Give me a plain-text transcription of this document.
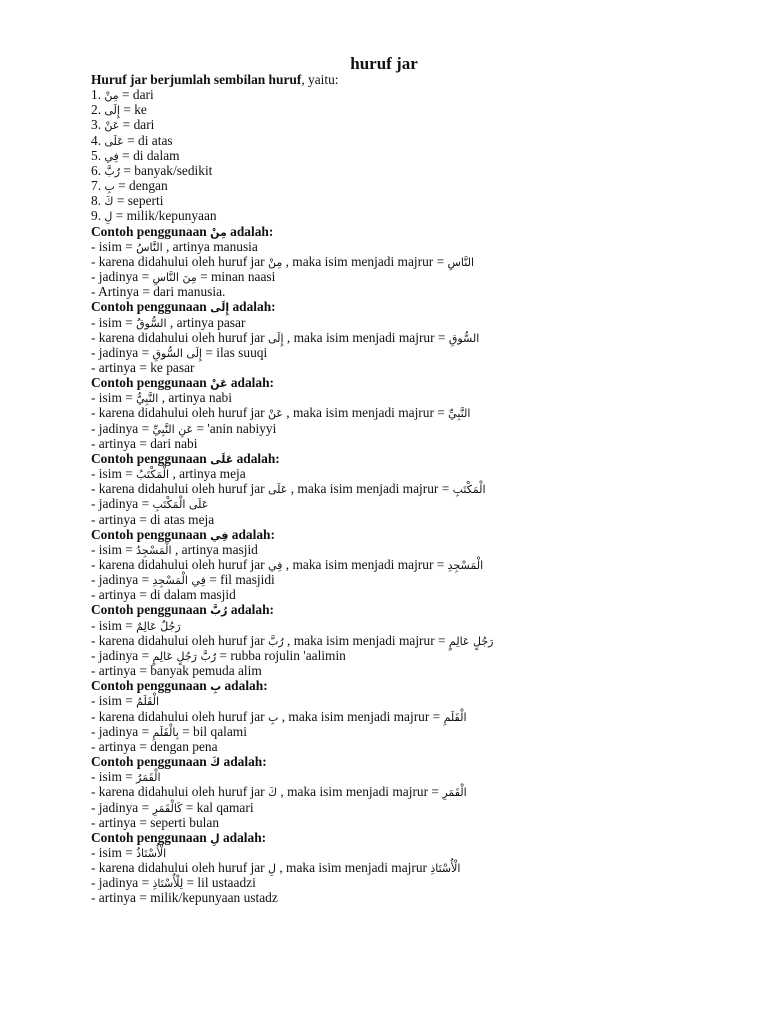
huruf jar
Huruf jar berjumlah sembilan huruf, yaitu:
1. مِنْ = dari
2. إِلَى = ke
3. عَنْ = dari
4. عَلَى = di atas
5. فِي = di dalam
6. رُبَّ = banyak/sedikit
7. بِ = dengan
8. كَ = seperti
9. لِ = milik/kepunyaan
Contoh penggunaan مِنْ adalah:
- isim = النَّاسُ , artinya manusia
- karena didahului oleh huruf jar مِنْ , maka isim menjadi majrur = النَّاسِ
- jadinya = مِنَ النَّاسِ = minan naasi
- Artinya = dari manusia.
Contoh penggunaan إِلَى adalah:
- isim = السُّوقُ , artinya pasar
- karena didahului oleh huruf jar إِلَى , maka isim menjadi majrur = السُّوقِ
- jadinya = إِلَى السُّوقِ = ilas suuqi
- artinya = ke pasar
Contoh penggunaan عَنْ adalah:
- isim = النَّبِيُّ , artinya nabi
- karena didahului oleh huruf jar عَنْ , maka isim menjadi majrur = النَّبِيِّ
- jadinya = عَنِ النَّبِيِّ = 'anin nabiyyi
- artinya = dari nabi
Contoh penggunaan عَلَى adalah:
- isim = الْمَكْتَبُ , artinya meja
- karena didahului oleh huruf jar عَلَى , maka isim menjadi majrur = الْمَكْتَبِ
- jadinya = عَلَى الْمَكْتَبِ
- artinya = di atas meja
Contoh penggunaan فِي adalah:
- isim = الْمَسْجِدُ , artinya masjid
- karena didahului oleh huruf jar فِي , maka isim menjadi majrur = الْمَسْجِدِ
- jadinya = فِي الْمَسْجِدِ = fil masjidi
- artinya = di dalam masjid
Contoh penggunaan رُبَّ adalah:
- isim = رَجُلٌ عَالِمٌ
- karena didahului oleh huruf jar رُبَّ , maka isim menjadi majrur = رَجُلٍ عَالِمٍ
- jadinya = رُبَّ رَجُلٍ عَالِمٍ = rubba rojulin 'aalimin
- artinya = banyak pemuda alim
Contoh penggunaan بِ adalah:
- isim = الْقَلَمُ
- karena didahului oleh huruf jar بِ , maka isim menjadi majrur = الْقَلَمِ
- jadinya = بِالْقَلَمِ = bil qalami
- artinya = dengan pena
Contoh penggunaan كَ adalah:
- isim = الْقَمَرُ
- karena didahului oleh huruf jar كَ , maka isim menjadi majrur = الْقَمَرِ
- jadinya = كَالْقَمَرِ = kal qamari
- artinya = seperti bulan
Contoh penggunaan لِ adalah:
- isim = الْأُسْتَاذُ
- karena didahului oleh huruf jar لِ , maka isim menjadi majrur الْأُسْتَاذِ
- jadinya = لِلْأُسْتَاذِ = lil ustaadzi
- artinya = milik/kepunyaan ustadz
